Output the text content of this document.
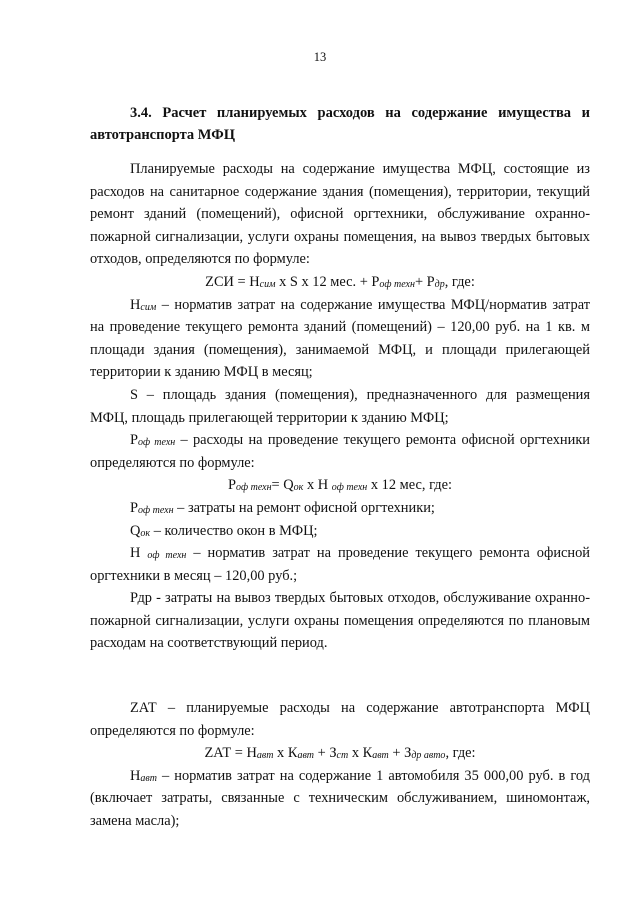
13
3.4. Расчет планируемых расходов на содержание имущества и
автотранспорта МФЦ

Планируемые расходы на содержание имущества МФЦ, состоящие из расходов на санитарное содержание здания (помещения), территории, текущий ремонт зданий (помещений), офисной оргтехники, обслуживание охранно-пожарной сигнализации, услуги охраны помещения, на вывоз твердых бытовых отходов, определяются по формуле:

ZСИ = $Н_{сим}$ х S х 12 мес. + $Р_{оф техн}+ Р_{др}$, где:

$Н_{сим}$ – норматив затрат на содержание имущества МФЦ/норматив затрат на проведение текущего ремонта зданий (помещений) – 120,00 руб. на 1 кв. м площади здания (помещения), занимаемой МФЦ, и площади прилегающей территории к зданию МФЦ в месяц;

S – площадь здания (помещения), предназначенного для размещения МФЦ, площадь прилегающей территории к зданию МФЦ;

$Р_{оф техн}$ – расходы на проведение текущего ремонта офисной оргтехники определяются по формуле:

$Р_{оф техн}= Q_{ок}$ х Н $_{оф техн}$ х 12 мес, где:

$Р_{оф техн}$ – затраты на ремонт офисной оргтехники;

$Q_{ок}$ – количество окон в МФЦ;

Н $_{оф техн}$ – норматив затрат на проведение текущего ремонта офисной оргтехники в месяц – 120,00 руб.;

Рдр - затраты на вывоз твердых бытовых отходов, обслуживание охранно-пожарной сигнализации, услуги охраны помещения определяются по плановым расходам на соответствующий период.

ZАТ – планируемые расходы на содержание автотранспорта МФЦ определяются по формуле:

ZАТ = $Н_{авт}$ х $К_{авт} + З_{ст}$ х $К_{авт} + З_{др авто}$, где:

$Н_{авт}$ – норматив затрат на содержание 1 автомобиля 35 000,00 руб. в год (включает затраты, связанные с техническим обслуживанием, шиномонтаж, замена масла);
